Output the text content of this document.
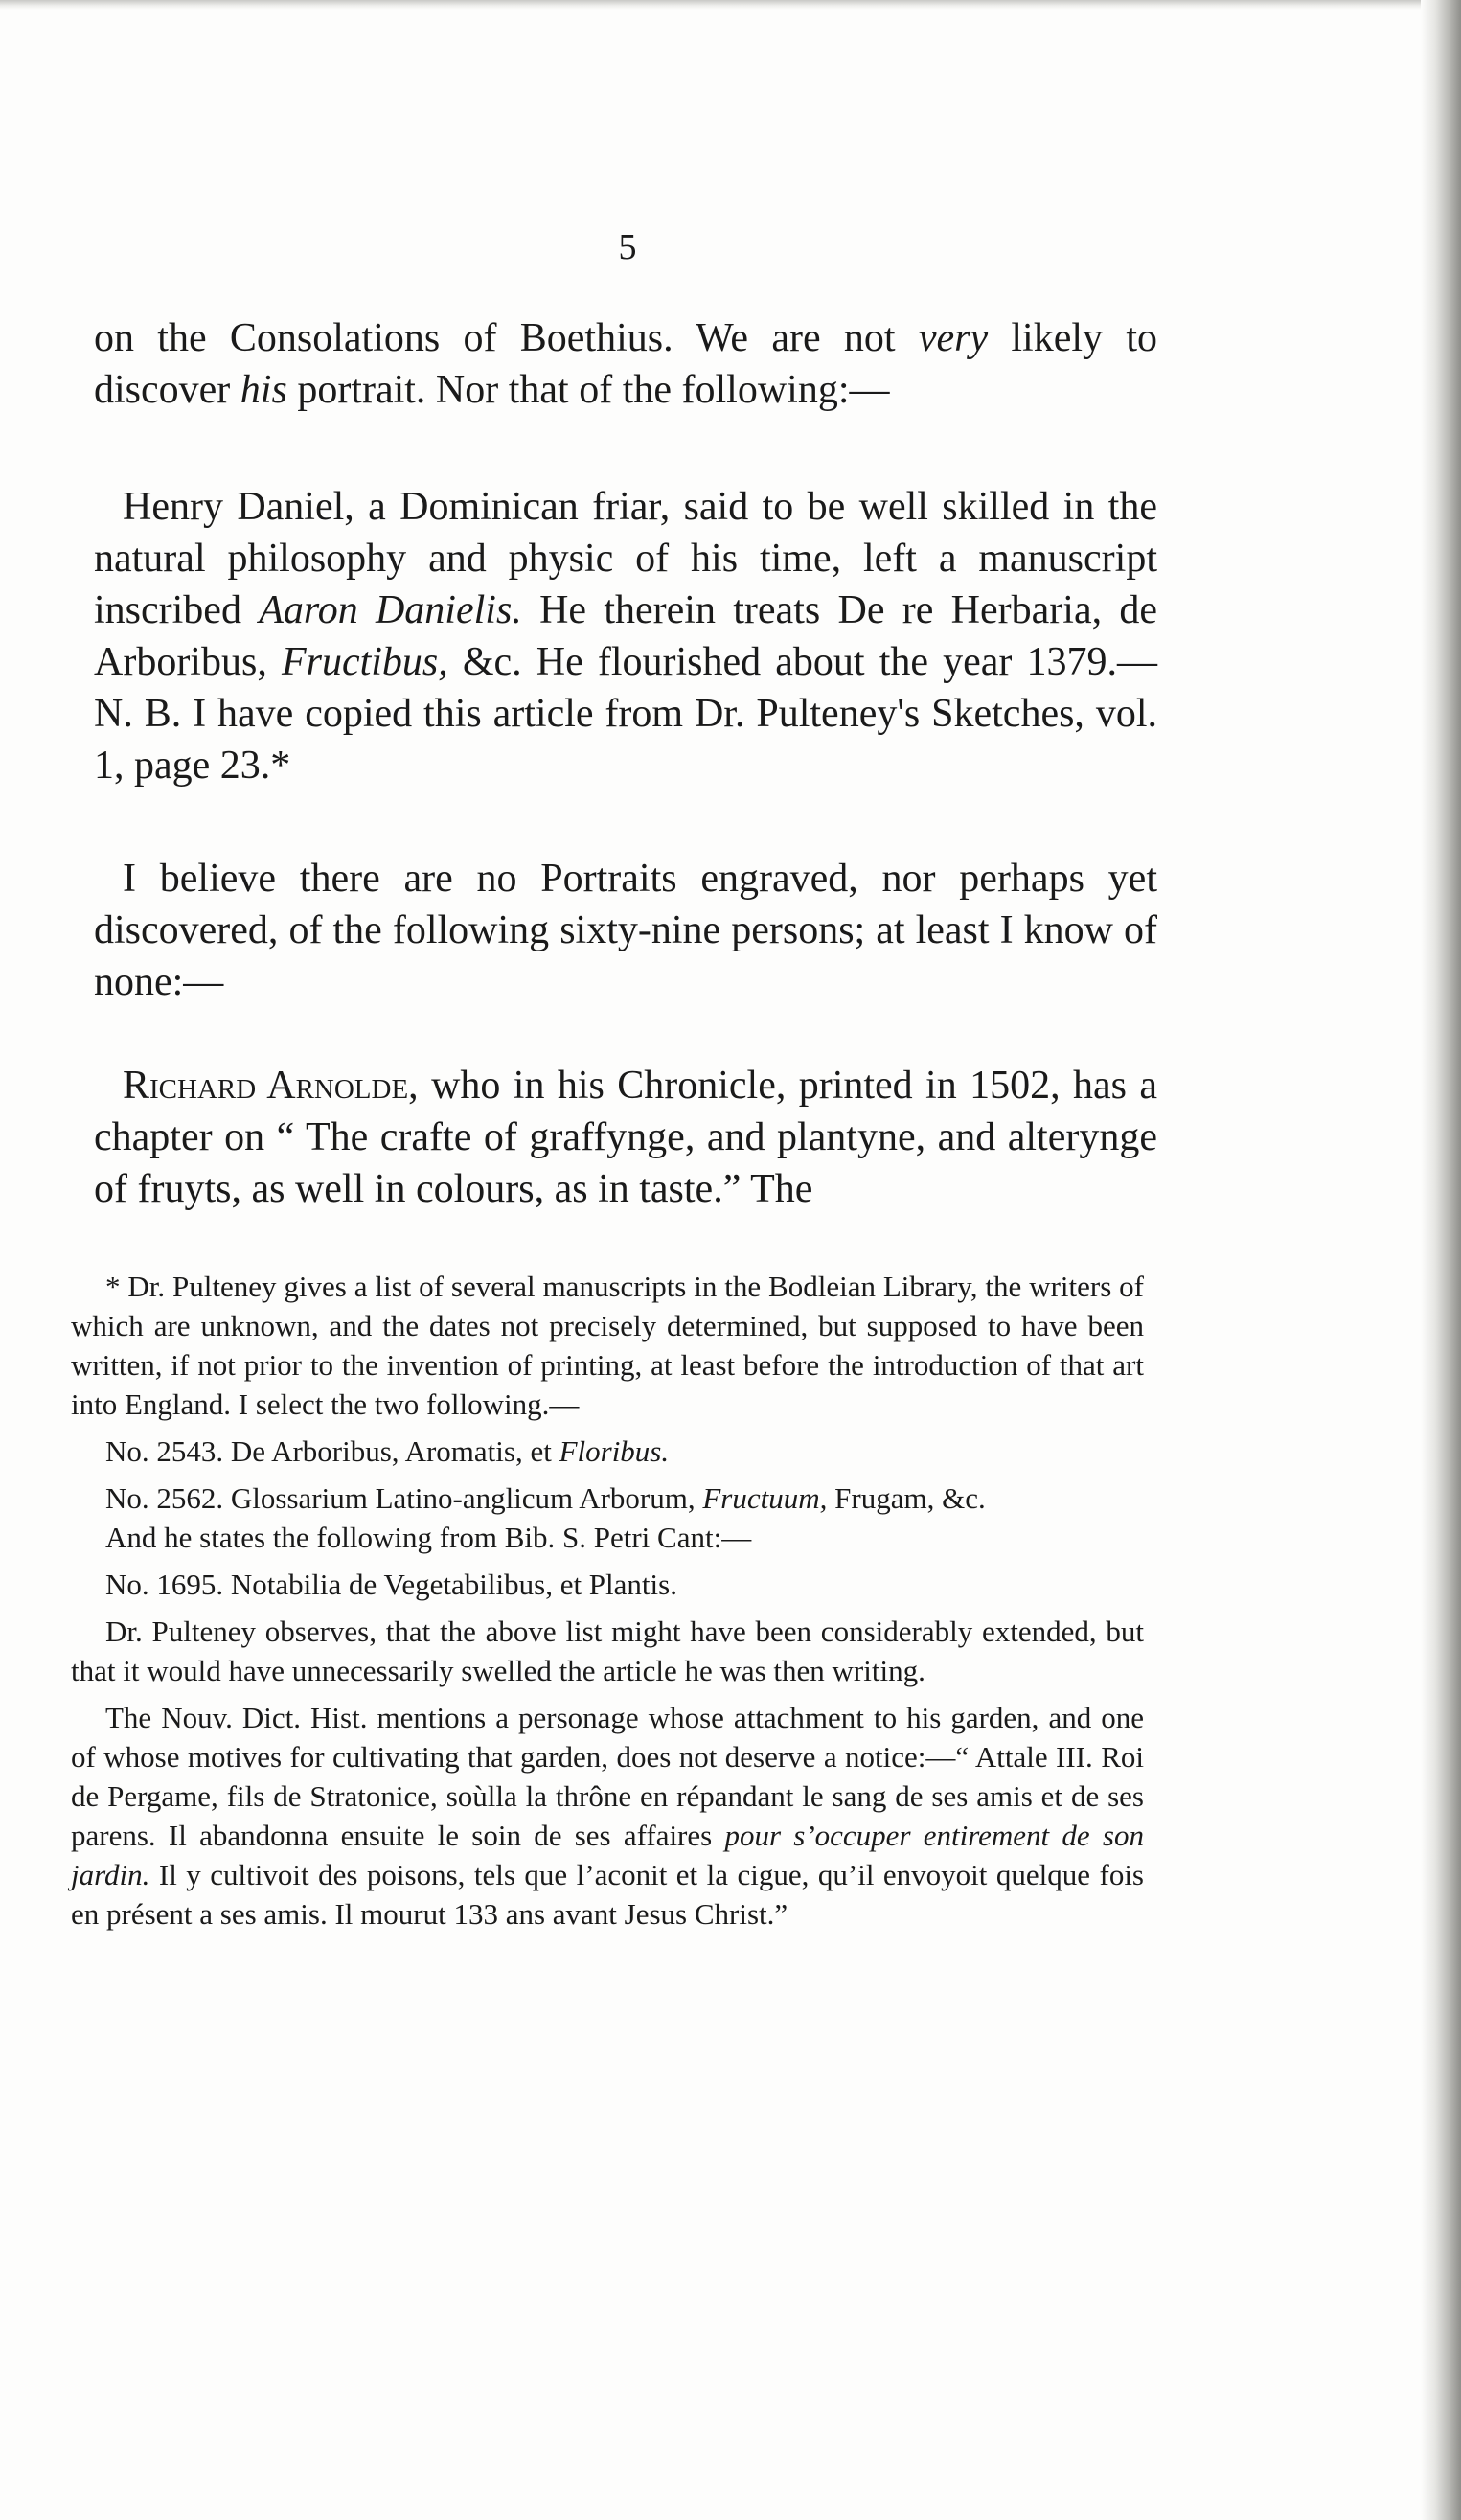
5

on the Consolations of Boethius. We are not very likely to discover his portrait. Nor that of the following:—

Henry Daniel, a Dominican friar, said to be well skilled in the natural philosophy and physic of his time, left a manuscript inscribed Aaron Danielis. He therein treats De re Herbaria, de Arboribus, Fructibus, &c. He flourished about the year 1379.—N. B. I have copied this article from Dr. Pulteney's Sketches, vol. 1, page 23.*

I believe there are no Portraits engraved, nor perhaps yet discovered, of the following sixty-nine persons; at least I know of none:—

Richard Arnolde, who in his Chronicle, printed in 1502, has a chapter on “ The crafte of graffynge, and plantyne, and alterynge of fruyts, as well in colours, as in taste.” The

* Dr. Pulteney gives a list of several manuscripts in the Bodleian Library, the writers of which are unknown, and the dates not precisely determined, but supposed to have been written, if not prior to the invention of printing, at least before the introduction of that art into England. I select the two following.—

No. 2543. De Arboribus, Aromatis, et Floribus.

No. 2562. Glossarium Latino-anglicum Arborum, Fructuum, Frugam, &c.

And he states the following from Bib. S. Petri Cant:—

No. 1695. Notabilia de Vegetabilibus, et Plantis.

Dr. Pulteney observes, that the above list might have been considerably extended, but that it would have unnecessarily swelled the article he was then writing.

The Nouv. Dict. Hist. mentions a personage whose attachment to his garden, and one of whose motives for cultivating that garden, does not deserve a notice:—“ Attale III. Roi de Pergame, fils de Stratonice, soùlla la thrône en répandant le sang de ses amis et de ses parens. Il abandonna ensuite le soin de ses affaires pour s’occuper entirement de son jardin. Il y cultivoit des poisons, tels que l’aconit et la cigue, qu’il envoyoit quelque fois en présent a ses amis. Il mourut 133 ans avant Jesus Christ.”
